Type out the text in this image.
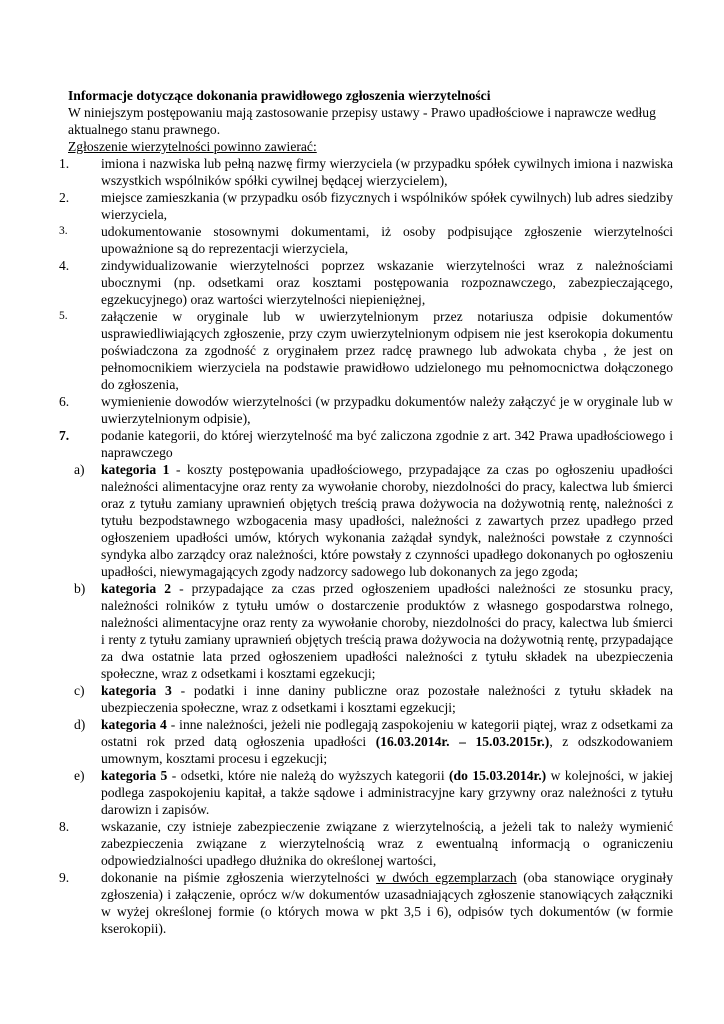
Informacje dotyczące dokonania prawidłowego zgłoszenia wierzytelności
W niniejszym postępowaniu mają zastosowanie przepisy ustawy - Prawo upadłościowe i naprawcze według aktualnego stanu prawnego.
Zgłoszenie wierzytelności powinno zawierać:
1.	imiona i nazwiska lub pełną nazwę firmy wierzyciela (w przypadku spółek cywilnych imiona i nazwiska wszystkich wspólników spółki cywilnej będącej wierzycielem),
2.	miejsce zamieszkania (w przypadku osób fizycznych i wspólników spółek cywilnych) lub adres siedziby wierzyciela,
3.	udokumentowanie stosownymi dokumentami, iż osoby podpisujące zgłoszenie wierzytelności upoważnione są do reprezentacji wierzyciela,
4.	zindywidualizowanie wierzytelności poprzez wskazanie wierzytelności wraz z należnościami ubocznymi (np. odsetkami oraz kosztami postępowania rozpoznawczego, zabezpieczającego, egzekucyjnego) oraz wartości wierzytelności niepieniężnej,
5.	załączenie w oryginale lub w uwierzytelnionym przez notariusza odpisie dokumentów usprawiedliwiających zgłoszenie, przy czym uwierzytelnionym odpisem nie jest kserokopia dokumentu poświadczona za zgodność z oryginałem przez radcę prawnego lub adwokata chyba , że jest on pełnomocnikiem wierzyciela na podstawie prawidłowo udzielonego mu pełnomocnictwa dołączonego do zgłoszenia,
6.	wymienienie dowodów wierzytelności (w przypadku dokumentów należy załączyć je w oryginale lub w uwierzytelnionym odpisie),
7.	podanie kategorii, do której wierzytelność ma być zaliczona zgodnie z art. 342 Prawa upadłościowego i naprawczego
a) kategoria 1 - koszty postępowania upadłościowego, przypadające za czas po ogłoszeniu upadłości należności alimentacyjne oraz renty za wywołanie choroby, niezdolności do pracy, kalectwa lub śmierci oraz z tytułu zamiany uprawnień objętych treścią prawa dożywocia na dożywotnią rentę, należności z tytułu bezpodstawnego wzbogacenia masy upadłości, należności z zawartych przez upadłego przed ogłoszeniem upadłości umów, których wykonania zażądał syndyk, należności powstałe z czynności syndyka albo zarządcy oraz należności, które powstały z czynności upadłego dokonanych po ogłoszeniu upadłości, niewymagających zgody nadzorcy sadowego lub dokonanych za jego zgoda;
b) kategoria 2 - przypadające za czas przed ogłoszeniem upadłości należności ze stosunku pracy, należności rolników z tytułu umów o dostarczenie produktów z własnego gospodarstwa rolnego, należności alimentacyjne oraz renty za wywołanie choroby, niezdolności do pracy, kalectwa lub śmierci i renty z tytułu zamiany uprawnień objętych treścią prawa dożywocia na dożywotnią rentę, przypadające za dwa ostatnie lata przed ogłoszeniem upadłości należności z tytułu składek na ubezpieczenia społeczne, wraz z odsetkami i kosztami egzekucji;
c) kategoria 3 - podatki i inne daniny publiczne oraz pozostałe należności z tytułu składek na ubezpieczenia społeczne, wraz z odsetkami i kosztami egzekucji;
d) kategoria 4 - inne należności, jeżeli nie podlegają zaspokojeniu w kategorii piątej, wraz z odsetkami za ostatni rok przed datą ogłoszenia upadłości (16.03.2014r. – 15.03.2015r.), z odszkodowaniem umownym, kosztami procesu i egzekucji;
e) kategoria 5 - odsetki, które nie należą do wyższych kategorii (do 15.03.2014r.) w kolejności, w jakiej podlega zaspokojeniu kapitał, a także sądowe i administracyjne kary grzywny oraz należności z tytułu darowizn i zapisów.
8.	wskazanie, czy istnieje zabezpieczenie związane z wierzytelnością, a jeżeli tak to należy wymienić zabezpieczenia związane z wierzytelnością wraz z ewentualną informacją o ograniczeniu odpowiedzialności upadłego dłużnika do określonej wartości,
9.	dokonanie na piśmie zgłoszenia wierzytelności w dwóch egzemplarzach (oba stanowiące oryginały zgłoszenia) i załączenie, oprócz w/w dokumentów uzasadniających zgłoszenie stanowiących załączniki w wyżej określonej formie (o których mowa w pkt 3,5 i 6), odpisów tych dokumentów (w formie kserokopii).
